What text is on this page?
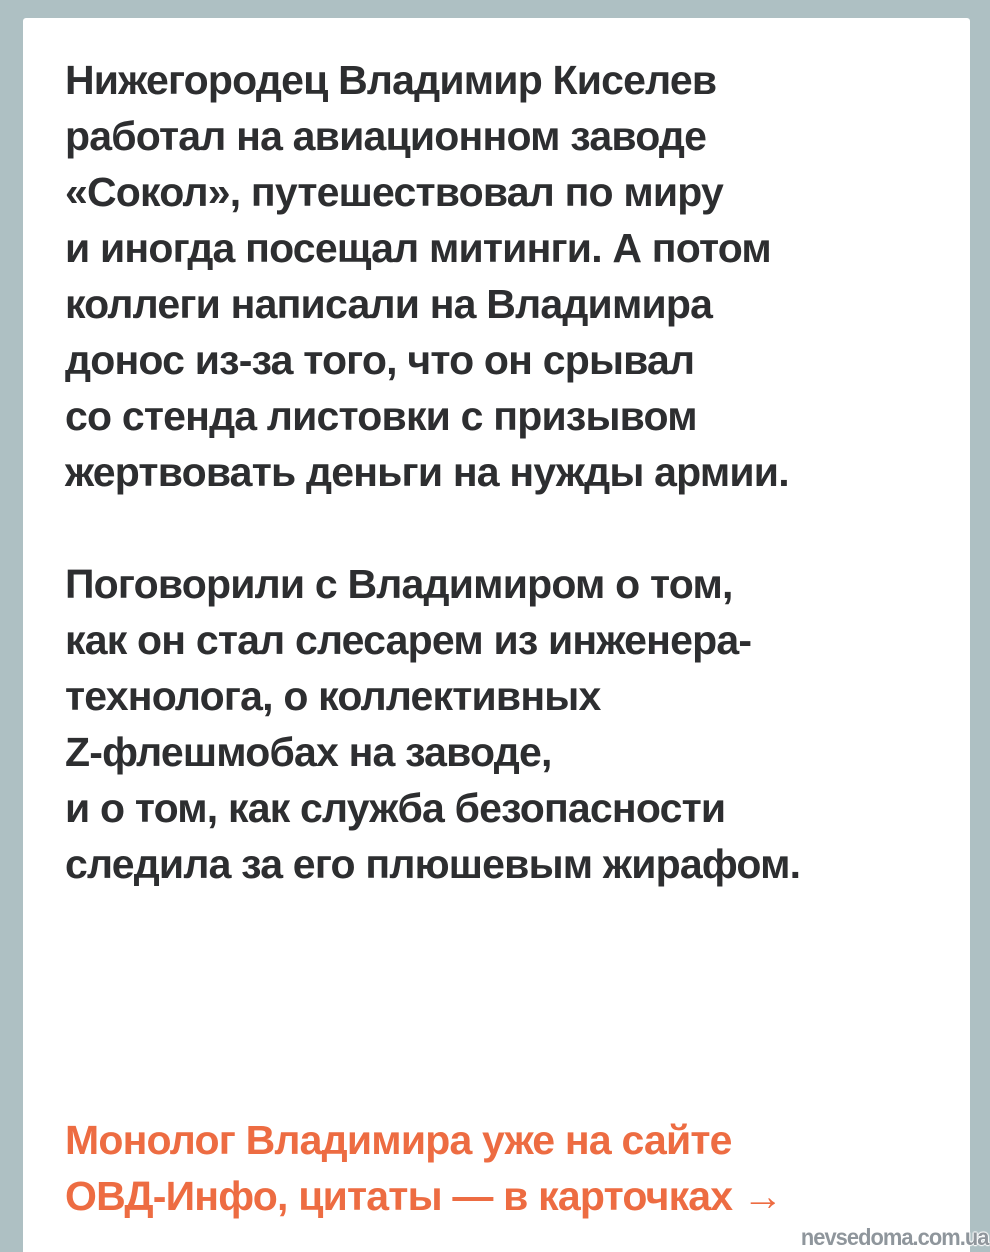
Нижегородец Владимир Киселев
работал на авиационном заводе
«Сокол», путешествовал по миру
и иногда посещал митинги. А потом
коллеги написали на Владимира
донос из-за того, что он срывал
со стенда листовки с призывом
жертвовать деньги на нужды армии.
Поговорили с Владимиром о том,
как он стал слесарем из инженера-
технолога, о коллективных
Z-флешмобах на заводе,
и о том, как служба безопасности
следила за его плюшевым жирафом.
Монолог Владимира уже на сайте
ОВД-Инфо, цитаты — в карточках →
nevsedoma.com.ua
